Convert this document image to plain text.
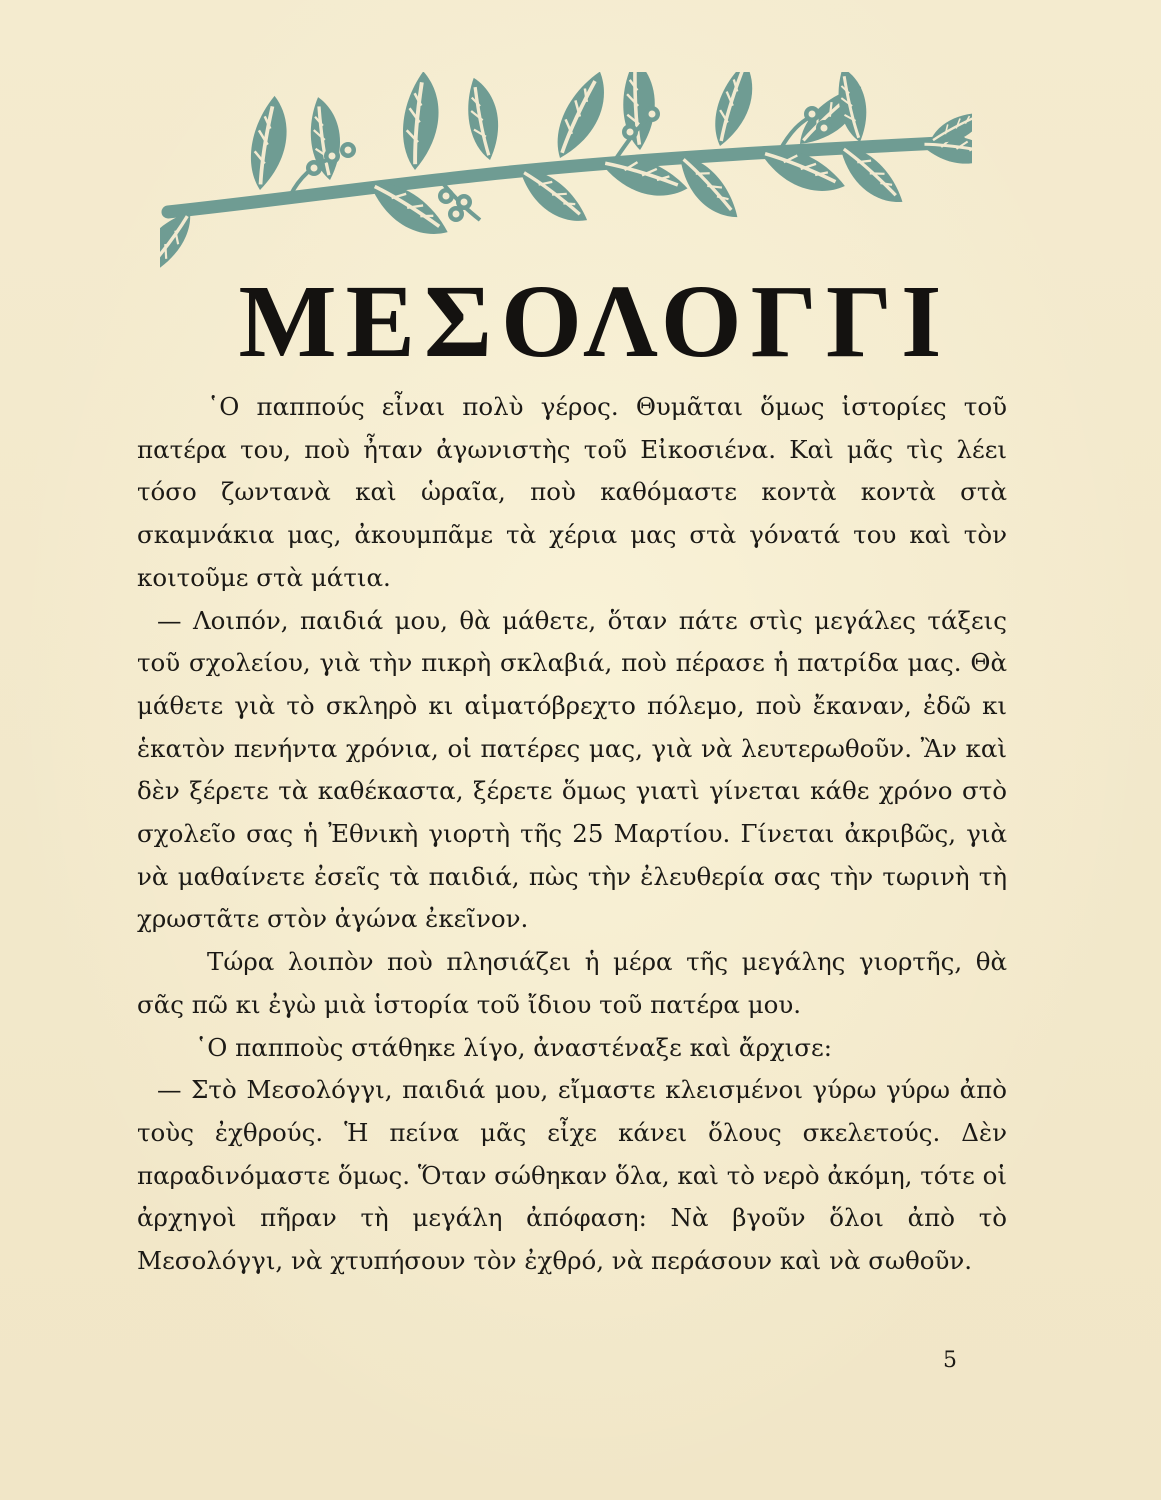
ΜΕΣΟΛΟΓΓΙ

῾Ο παππούς εἶναι πολὺ γέρος. Θυμᾶται ὅμως ἱστορίες τοῦ πατέρα του, ποὺ ἦταν ἀγωνιστὴς τοῦ Εἰκοσιένα. Καὶ μᾶς τὶς λέει τόσο ζωντανὰ καὶ ὡραῖα, ποὺ καθόμαστε κοντὰ κοντὰ στὰ σκαμνάκια μας, ἀκουμπᾶμε τὰ χέρια μας στὰ γόνατά του καὶ τὸν κοιτοῦμε στὰ μάτια.

— Λοιπόν, παιδιά μου, θὰ μάθετε, ὅταν πάτε στὶς μεγάλες τάξεις τοῦ σχολείου, γιὰ τὴν πικρὴ σκλαβιά, ποὺ πέρασε ἡ πατρίδα μας. Θὰ μάθετε γιὰ τὸ σκληρὸ κι αἱματόβρεχτο πόλεμο, ποὺ ἔκαναν, ἐδῶ κι ἑκατὸν πενήντα χρόνια, οἱ πατέρες μας, γιὰ νὰ λευτερωθοῦν. Ἂν καὶ δὲν ξέρετε τὰ καθέκαστα, ξέρετε ὅμως γιατὶ γίνεται κάθε χρόνο στὸ σχολεῖο σας ἡ Ἐθνικὴ γιορτὴ τῆς 25 Μαρτίου. Γίνεται ἀκριβῶς, γιὰ νὰ μαθαίνετε ἐσεῖς τὰ παιδιά, πὼς τὴν ἐλευθερία σας τὴν τωρινὴ τὴ χρωστᾶτε στὸν ἀγώνα ἐκεῖνον.

Τώρα λοιπὸν ποὺ πλησιάζει ἡ μέρα τῆς μεγάλης γιορτῆς, θὰ σᾶς πῶ κι ἐγὼ μιὰ ἱστορία τοῦ ἴδιου τοῦ πατέρα μου.

῾Ο παπποὺς στάθηκε λίγο, ἀναστέναξε καὶ ἄρχισε:

— Στὸ Μεσολόγγι, παιδιά μου, εἴμαστε κλεισμένοι γύρω γύρω ἀπὸ τοὺς ἐχθρούς. Ἡ πείνα μᾶς εἶχε κάνει ὅλους σκελετούς. Δὲν παραδινόμαστε ὅμως. Ὅταν σώθηκαν ὅλα, καὶ τὸ νερὸ ἀκόμη, τότε οἱ ἀρχηγοὶ πῆραν τὴ μεγάλη ἀπόφαση: Νὰ βγοῦν ὅλοι ἀπὸ τὸ Μεσολόγγι, νὰ χτυπήσουν τὸν ἐχθρό, νὰ περάσουν καὶ νὰ σωθοῦν.

5
